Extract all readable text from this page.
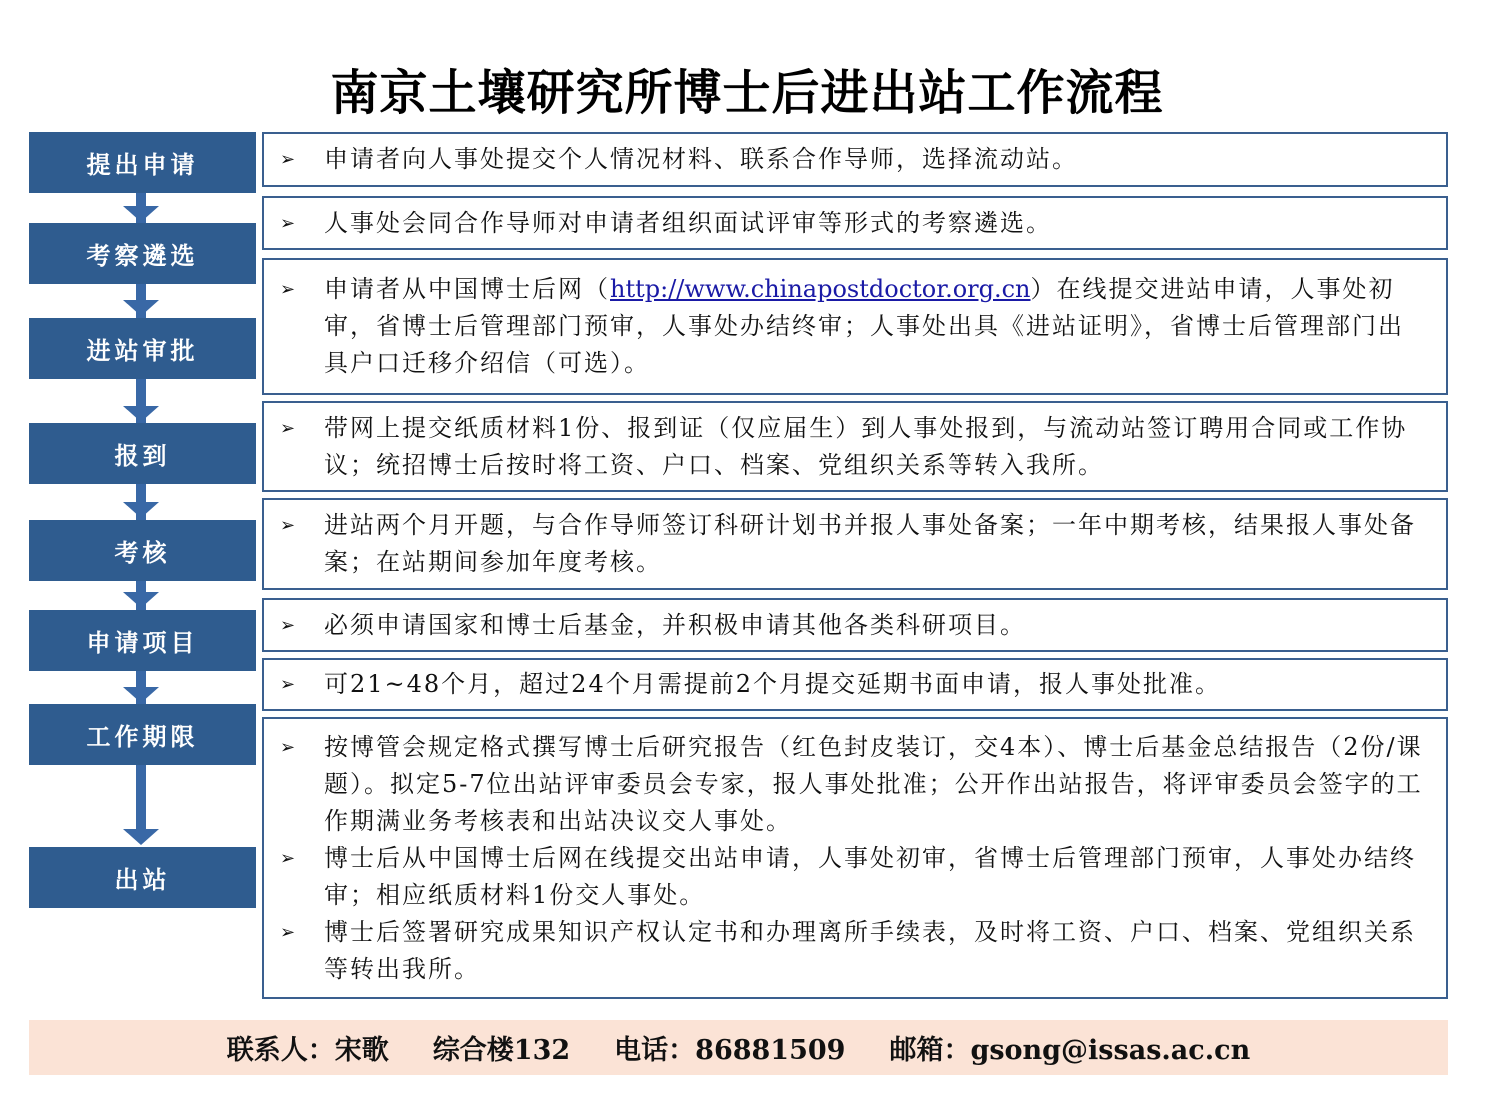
南京土壤研究所博士后进出站工作流程
提出申请
考察遴选
进站审批
报到
考核
申请项目
工作期限
出站
➢	申请者向人事处提交个人情况材料、联系合作导师，选择流动站。
➢	人事处会同合作导师对申请者组织面试评审等形式的考察遴选。
➢	申请者从中国博士后网（http://www.chinapostdoctor.org.cn）在线提交进站申请，人事处初审，省博士后管理部门预审，人事处办结终审；人事处出具《进站证明》，省博士后管理部门出具户口迁移介绍信（可选）。
➢	带网上提交纸质材料1份、报到证（仅应届生）到人事处报到，与流动站签订聘用合同或工作协议；统招博士后按时将工资、户口、档案、党组织关系等转入我所。
➢	进站两个月开题，与合作导师签订科研计划书并报人事处备案；一年中期考核，结果报人事处备案；在站期间参加年度考核。
➢	必须申请国家和博士后基金，并积极申请其他各类科研项目。
➢	可21~48个月，超过24个月需提前2个月提交延期书面申请，报人事处批准。
➢	按博管会规定格式撰写博士后研究报告（红色封皮装订，交4本）、博士后基金总结报告（2份/课题）。拟定5-7位出站评审委员会专家，报人事处批准；公开作出站报告，将评审委员会签字的工作期满业务考核表和出站决议交人事处。
➢	博士后从中国博士后网在线提交出站申请，人事处初审，省博士后管理部门预审，人事处办结终审；相应纸质材料1份交人事处。
➢	博士后签署研究成果知识产权认定书和办理离所手续表，及时将工资、户口、档案、党组织关系等转出我所。
联系人：宋歌 综合楼132 电话：86881509 邮箱：gsong@issas.ac.cn
